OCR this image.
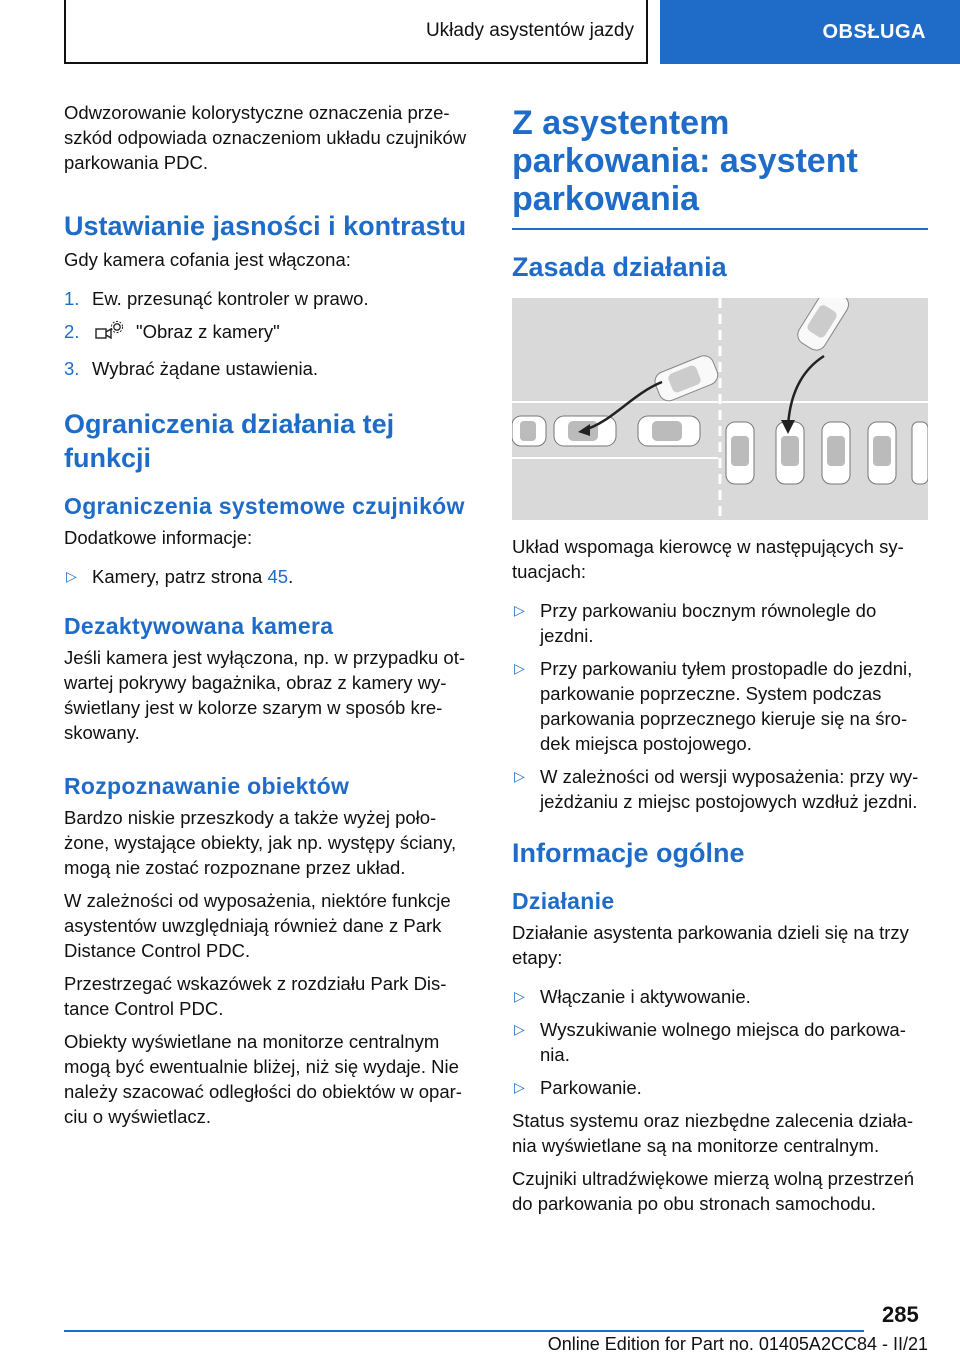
Układy asystentów jazdy	OBSŁUGA

Odwzorowanie kolorystyczne oznaczenia prze-szkód odpowiada oznaczeniom układu czujników parkowania PDC.

Ustawianie jasności i kontrastu

Gdy kamera cofania jest włączona:

1. Ew. przesunąć kontroler w prawo.
2.	"Obraz z kamery"
3. Wybrać żądane ustawienia.
Ograniczenia działania tej funkcji
Ograniczenia systemowe czujników

Dodatkowe informacje:

▷ Kamery, patrz strona 45.
Dezaktywowana kamera

Jeśli kamera jest wyłączona, np. w przypadku ot-wartej pokrywy bagażnika, obraz z kamery wy-świetlany jest w kolorze szarym w sposób kre-skowany.

Rozpoznawanie obiektów

Bardzo niskie przeszkody a także wyżej poło-żone, wystające obiekty, jak np. występy ściany, mogą nie zostać rozpoznane przez układ.

W zależności od wyposażenia, niektóre funkcje asystentów uwzględniają również dane z Park Distance Control PDC.

Przestrzegać wskazówek z rozdziału Park Dis-tance Control PDC.

Obiekty wyświetlane na monitorze centralnym mogą być ewentualnie bliżej, niż się wydaje. Nie należy szacować odległości do obiektów w opar-ciu o wyświetlacz.

Z asystentem parkowania: asystent parkowania
Zasada działania

Układ wspomaga kierowcę w następujących sy-tuacjach:

▷ Przy parkowaniu bocznym równolegle do jezdni.
▷ Przy parkowaniu tyłem prostopadle do jezdni, parkowanie poprzeczne. System podczas parkowania poprzecznego kieruje się na śro-dek miejsca postojowego.
▷ W zależności od wersji wyposażenia: przy wy-jeżdżaniu z miejsc postojowych wzdłuż jezdni.
Informacje ogólne
Działanie

Działanie asystenta parkowania dzieli się na trzy etapy:

▷ Włączanie i aktywowanie.
▷ Wyszukiwanie wolnego miejsca do parkowa-nia.
▷ Parkowanie.

Status systemu oraz niezbędne zalecenia działa-nia wyświetlane są na monitorze centralnym.

Czujniki ultradźwiękowe mierzą wolną przestrzeń do parkowania po obu stronach samochodu.

285
Online Edition for Part no. 01405A2CC84 - II/21
